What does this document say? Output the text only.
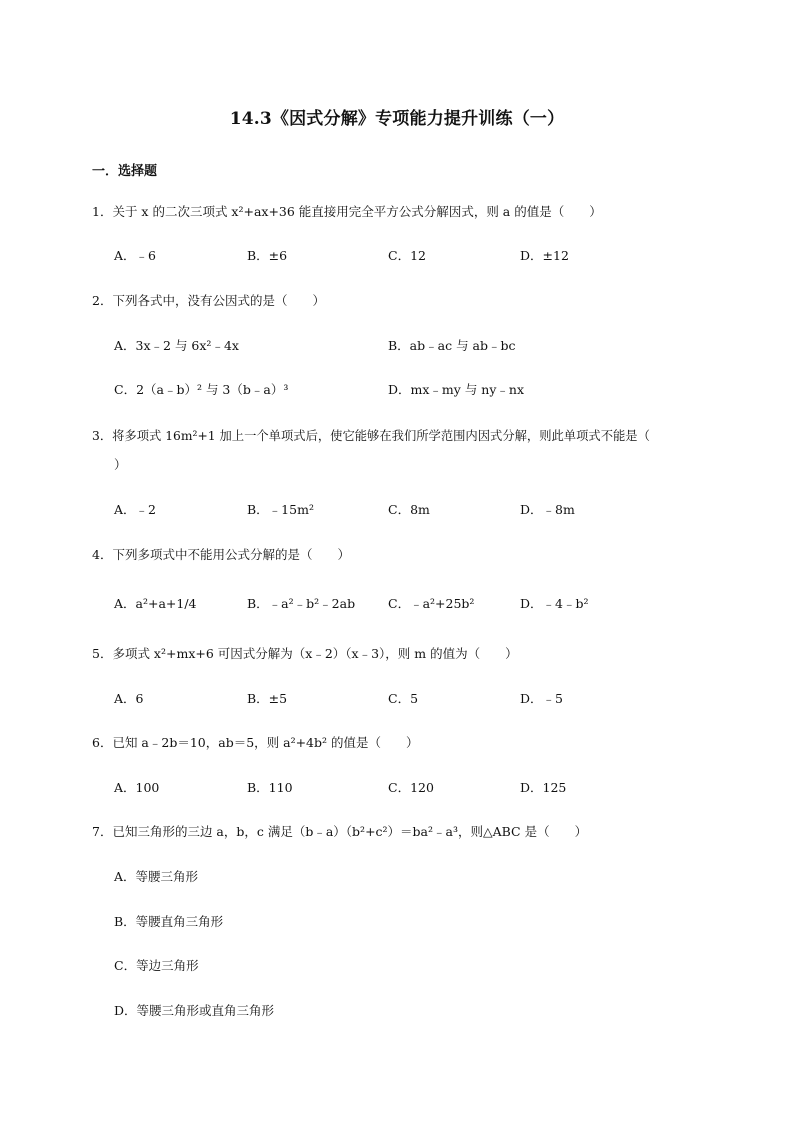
14.3《因式分解》专项能力提升训练（一）
一．选择题
1．关于 x 的二次三项式 x²+ax+36 能直接用完全平方公式分解因式，则 a 的值是（　　）
A．﹣6	B．±6	C．12	D．±12
2．下列各式中，没有公因式的是（　　）
A．3x﹣2 与 6x²﹣4x	B．ab﹣ac 与 ab﹣bc
C．2（a﹣b）² 与 3（b﹣a）³	D．mx﹣my 与 ny﹣nx
3．将多项式 16m²+1 加上一个单项式后，使它能够在我们所学范围内因式分解，则此单项式不能是（
）
A．﹣2	B．﹣15m²	C．8m	D．﹣8m
4．下列多项式中不能用公式分解的是（　　）
A．a²+a+1/4	B．﹣a²﹣b²﹣2ab	C．﹣a²+25b²	D．﹣4﹣b²
5．多项式 x²+mx+6 可因式分解为（x﹣2）（x﹣3），则 m 的值为（　　）
A．6	B．±5	C．5	D．﹣5
6．已知 a﹣2b＝10，ab＝5，则 a²+4b² 的值是（　　）
A．100	B．110	C．120	D．125
7．已知三角形的三边 a，b，c 满足（b﹣a）（b²+c²）＝ba²﹣a³，则△ABC 是（　　）
A．等腰三角形
B．等腰直角三角形
C．等边三角形
D．等腰三角形或直角三角形
